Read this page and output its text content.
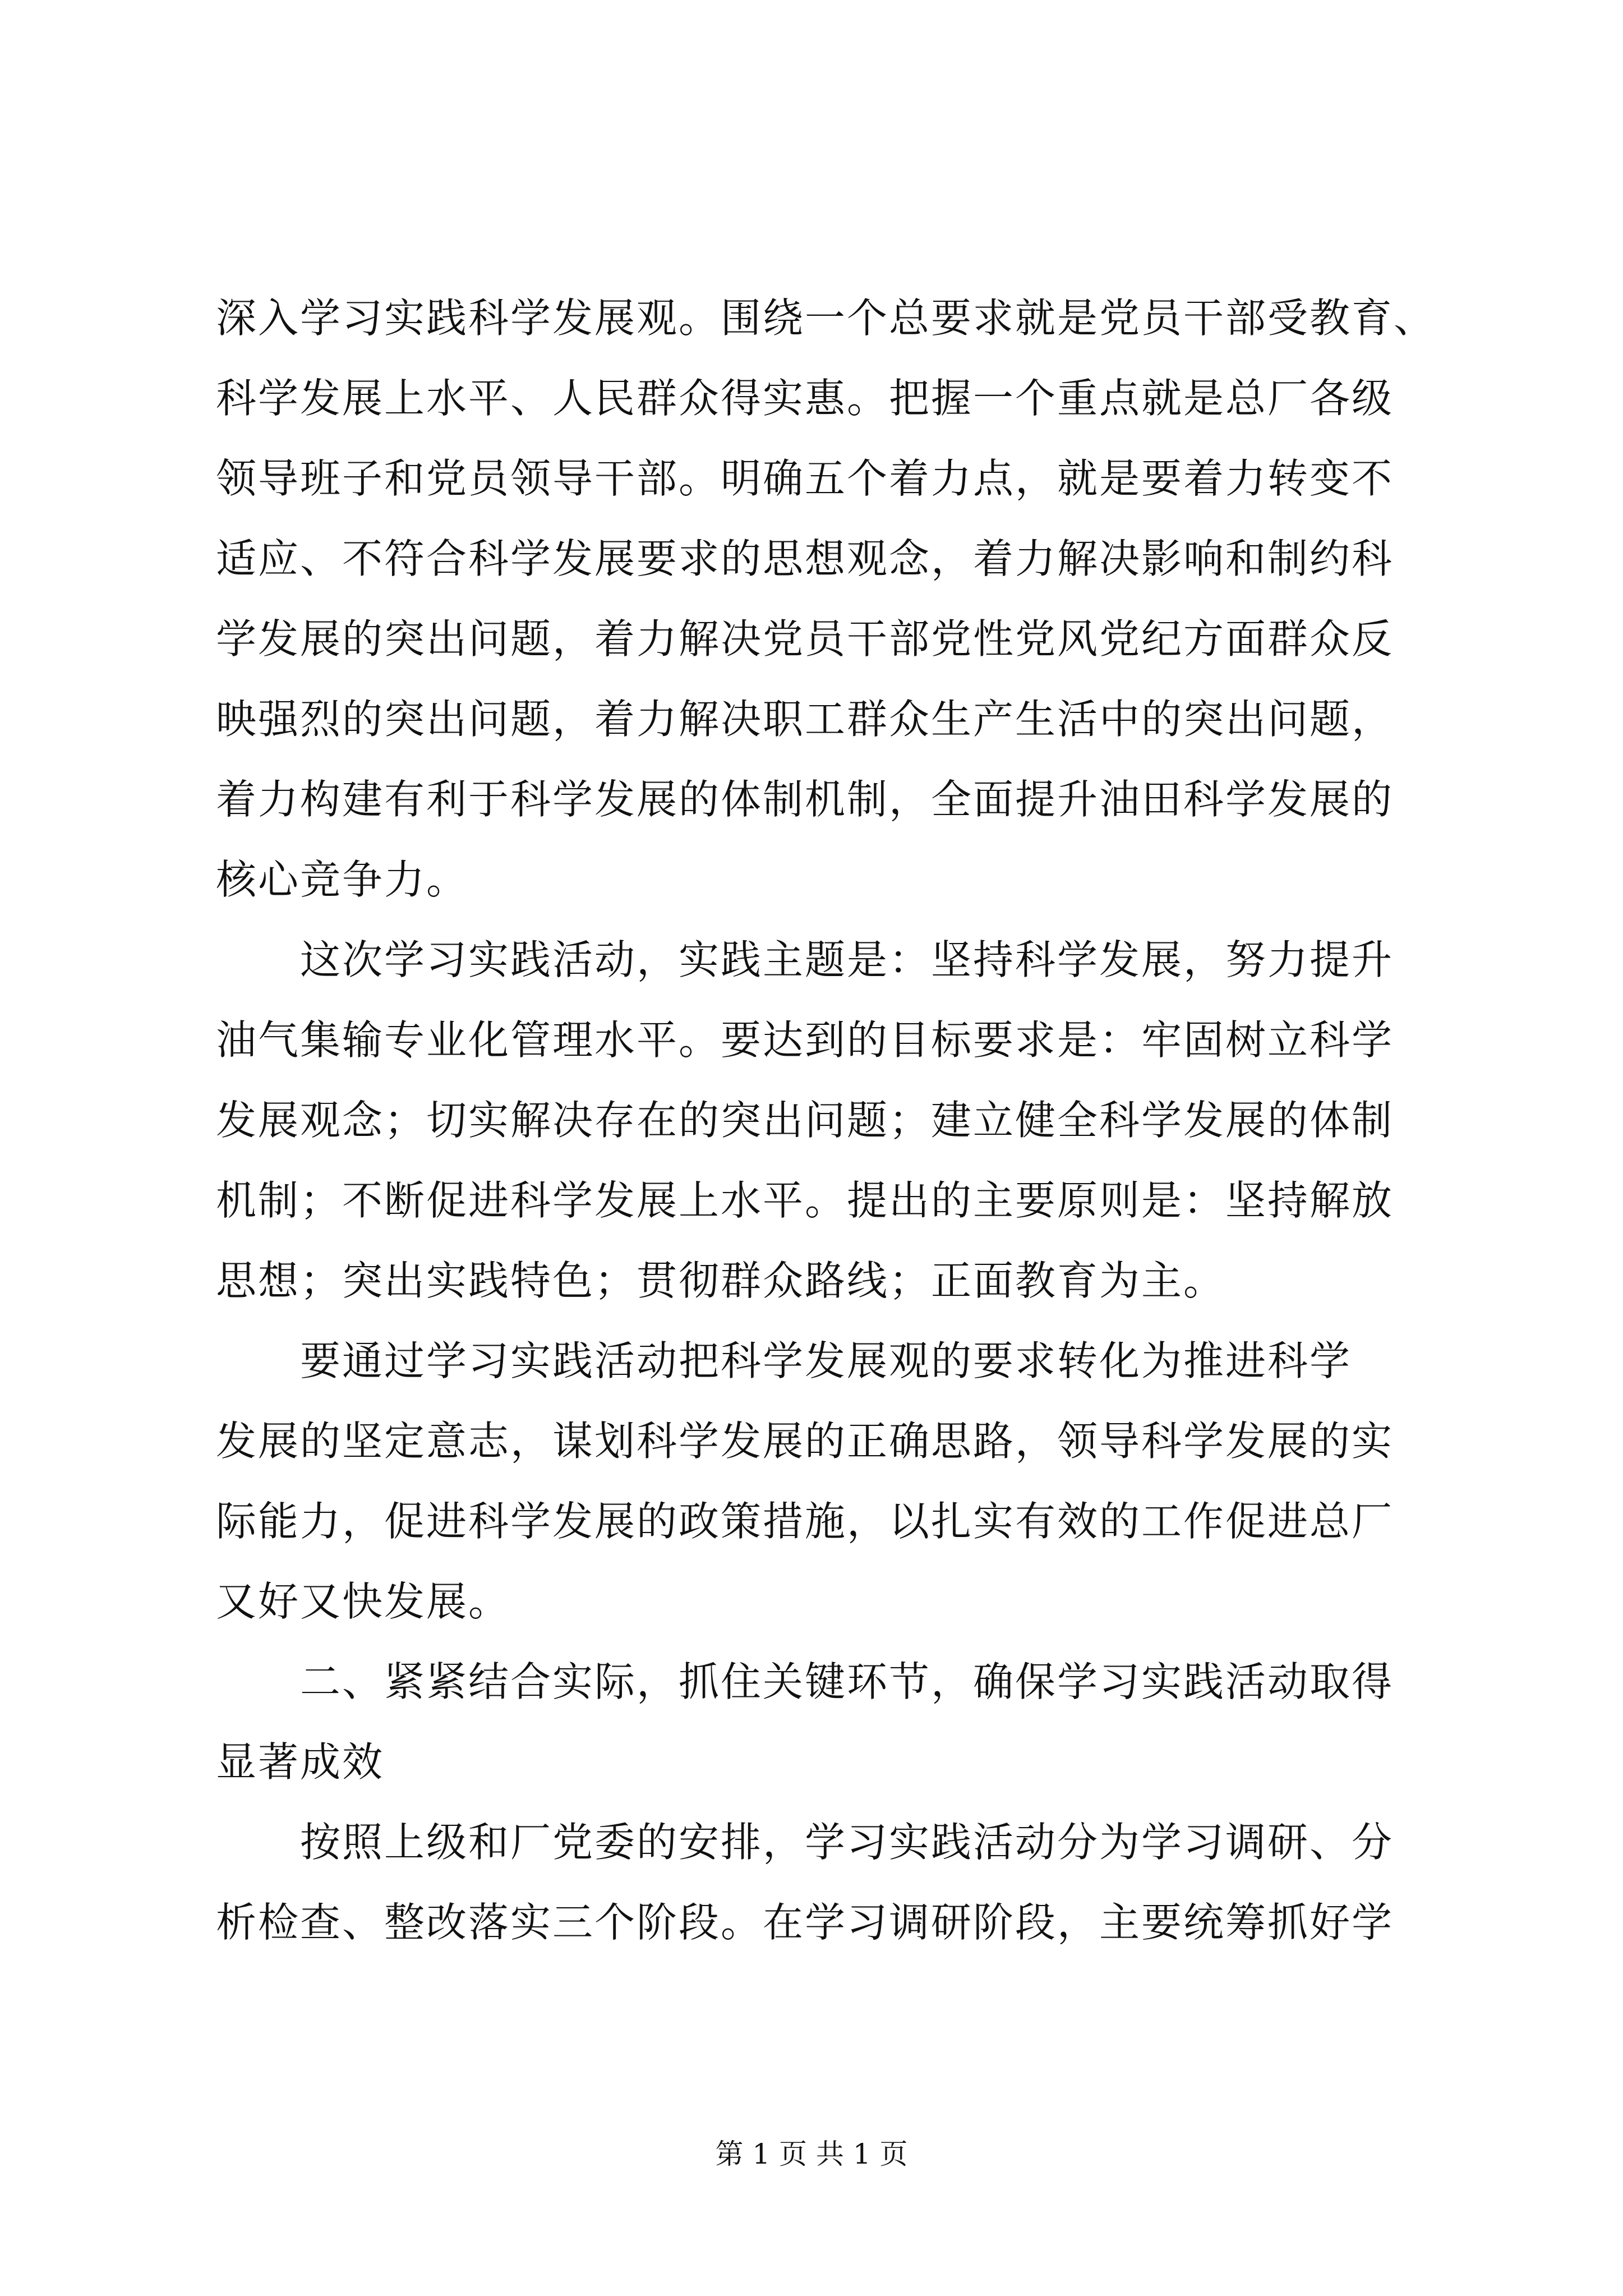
深入学习实践科学发展观。围绕一个总要求就是党员干部受教育、
科学发展上水平、人民群众得实惠。把握一个重点就是总厂各级
领导班子和党员领导干部。明确五个着力点，就是要着力转变不
适应、不符合科学发展要求的思想观念，着力解决影响和制约科
学发展的突出问题，着力解决党员干部党性党风党纪方面群众反
映强烈的突出问题，着力解决职工群众生产生活中的突出问题，
着力构建有利于科学发展的体制机制，全面提升油田科学发展的
核心竞争力。
这次学习实践活动，实践主题是：坚持科学发展，努力提升
油气集输专业化管理水平。要达到的目标要求是：牢固树立科学
发展观念；切实解决存在的突出问题；建立健全科学发展的体制
机制；不断促进科学发展上水平。提出的主要原则是：坚持解放
思想；突出实践特色；贯彻群众路线；正面教育为主。
要通过学习实践活动把科学发展观的要求转化为推进科学
发展的坚定意志，谋划科学发展的正确思路，领导科学发展的实
际能力，促进科学发展的政策措施，以扎实有效的工作促进总厂
又好又快发展。
二、紧紧结合实际，抓住关键环节，确保学习实践活动取得
显著成效
按照上级和厂党委的安排，学习实践活动分为学习调研、分
析检查、整改落实三个阶段。在学习调研阶段，主要统筹抓好学
第 1 页 共 1 页
